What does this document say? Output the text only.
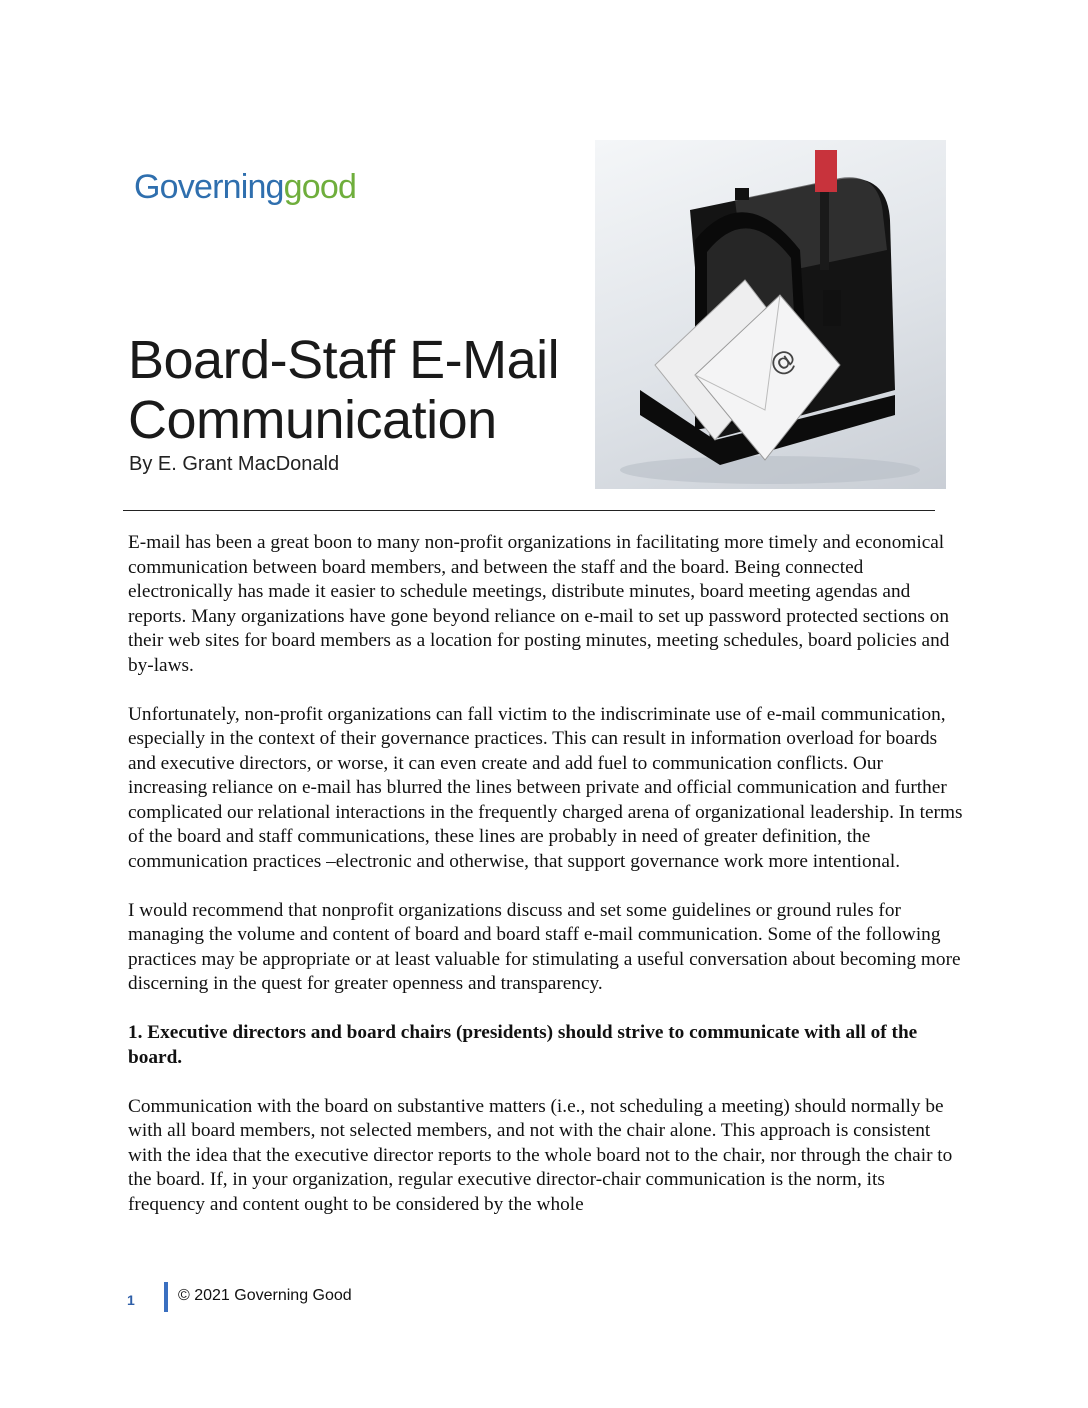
Governinggood
Board-Staff E-Mail
Communication
By E. Grant MacDonald
@

E-mail has been a great boon to many non-profit organizations in facilitating more timely and economical communication between board members, and between the staff and the board. Being connected electronically has made it easier to schedule meetings, distribute minutes, board meeting agendas and reports. Many organizations have gone beyond reliance on e-mail to set up password protected sections on their web sites for board members as a location for posting minutes, meeting schedules, board policies and by-laws.

Unfortunately, non-profit organizations can fall victim to the indiscriminate use of e-mail communication, especially in the context of their governance practices. This can result in information overload for boards and executive directors, or worse, it can even create and add fuel to communication conflicts. Our increasing reliance on e-mail has blurred the lines between private and official communication and further complicated our relational interactions in the frequently charged arena of organizational leadership. In terms of the board and staff communications, these lines are probably in need of greater definition, the communication practices –electronic and otherwise, that support governance work more intentional.

I would recommend that nonprofit organizations discuss and set some guidelines or ground rules for managing the volume and content of board and board staff e-mail communication. Some of the following practices may be appropriate or at least valuable for stimulating a useful conversation about becoming more discerning in the quest for greater openness and transparency.

1. Executive directors and board chairs (presidents) should strive to communicate with all of the board.

Communication with the board on substantive matters (i.e., not scheduling a meeting) should normally be with all board members, not selected members, and not with the chair alone. This approach is consistent with the idea that the executive director reports to the whole board not to the chair, nor through the chair to the board. If, in your organization, regular executive director-chair communication is the norm, its frequency and content ought to be considered by the whole

1	© 2021 Governing Good
